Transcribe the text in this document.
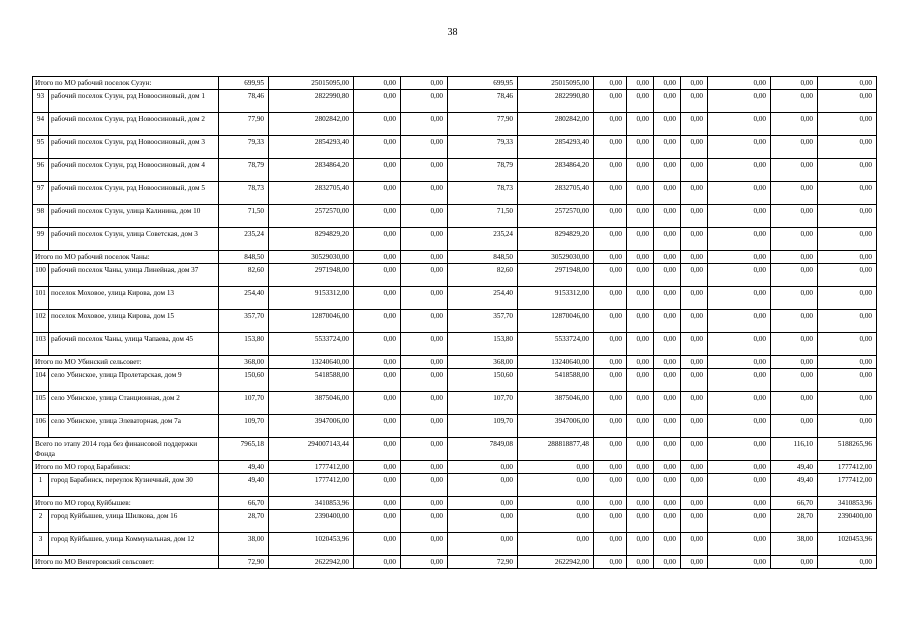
38
Итого по МО рабочий поселок Сузун:		699,95	25015095,00	0,00	0,00	699,95	25015095,00	0,00	0,00	0,00	0,00	0,00	0,00	0,00
93	рабочий поселок Сузун, рзд Новоосиновый, дом 1	78,46	2822990,80	0,00	0,00	78,46	2822990,80	0,00	0,00	0,00	0,00	0,00	0,00	0,00
94	рабочий поселок Сузун, рзд Новоосиновый, дом 2	77,90	2802842,00	0,00	0,00	77,90	2802842,00	0,00	0,00	0,00	0,00	0,00	0,00	0,00
95	рабочий поселок Сузун, рзд Новоосиновый, дом 3	79,33	2854293,40	0,00	0,00	79,33	2854293,40	0,00	0,00	0,00	0,00	0,00	0,00	0,00
96	рабочий поселок Сузун, рзд Новоосиновый, дом 4	78,79	2834864,20	0,00	0,00	78,79	2834864,20	0,00	0,00	0,00	0,00	0,00	0,00	0,00
97	рабочий поселок Сузун, рзд Новоосиновый, дом 5	78,73	2832705,40	0,00	0,00	78,73	2832705,40	0,00	0,00	0,00	0,00	0,00	0,00	0,00
98	рабочий поселок Сузун, улица Калинина, дом 10	71,50	2572570,00	0,00	0,00	71,50	2572570,00	0,00	0,00	0,00	0,00	0,00	0,00	0,00
99	рабочий поселок Сузун, улица Советская, дом 3	235,24	8294829,20	0,00	0,00	235,24	8294829,20	0,00	0,00	0,00	0,00	0,00	0,00	0,00
Итого по МО рабочий поселок Чаны:		848,50	30529030,00	0,00	0,00	848,50	30529030,00	0,00	0,00	0,00	0,00	0,00	0,00	0,00
100	рабочий поселок Чаны, улица Линейная, дом 37	82,60	2971948,00	0,00	0,00	82,60	2971948,00	0,00	0,00	0,00	0,00	0,00	0,00	0,00
101	поселок Моховое, улица Кирова, дом 13	254,40	9153312,00	0,00	0,00	254,40	9153312,00	0,00	0,00	0,00	0,00	0,00	0,00	0,00
102	поселок Моховое, улица Кирова, дом 15	357,70	12870046,00	0,00	0,00	357,70	12870046,00	0,00	0,00	0,00	0,00	0,00	0,00	0,00
103	рабочий поселок Чаны, улица Чапаева, дом 45	153,80	5533724,00	0,00	0,00	153,80	5533724,00	0,00	0,00	0,00	0,00	0,00	0,00	0,00
Итого по МО Убинский сельсовет:		368,00	13240640,00	0,00	0,00	368,00	13240640,00	0,00	0,00	0,00	0,00	0,00	0,00	0,00
104	село Убинское, улица Пролетарская, дом 9	150,60	5418588,00	0,00	0,00	150,60	5418588,00	0,00	0,00	0,00	0,00	0,00	0,00	0,00
105	село Убинское, улица Станционная, дом 2	107,70	3875046,00	0,00	0,00	107,70	3875046,00	0,00	0,00	0,00	0,00	0,00	0,00	0,00
106	село Убинское, улица Элеваторная, дом 7а	109,70	3947006,00	0,00	0,00	109,70	3947006,00	0,00	0,00	0,00	0,00	0,00	0,00	0,00
Всего по этапу 2014 года без финансовой поддержки Фонда		7965,18	294007143,44	0,00	0,00	7849,08	288818877,48	0,00	0,00	0,00	0,00	0,00	116,10	5188265,96
Итого по МО город Барабинск:		49,40	1777412,00	0,00	0,00	0,00	0,00	0,00	0,00	0,00	0,00	0,00	49,40	1777412,00
1	город Барабинск, переулок Кузнечный, дом 30	49,40	1777412,00	0,00	0,00	0,00	0,00	0,00	0,00	0,00	0,00	0,00	49,40	1777412,00
Итого по МО город Куйбышев:		66,70	3410853,96	0,00	0,00	0,00	0,00	0,00	0,00	0,00	0,00	0,00	66,70	3410853,96
2	город Куйбышев, улица Шилкова, дом 16	28,70	2390400,00	0,00	0,00	0,00	0,00	0,00	0,00	0,00	0,00	0,00	28,70	2390400,00
3	город Куйбышев, улица Коммунальная, дом 12	38,00	1020453,96	0,00	0,00	0,00	0,00	0,00	0,00	0,00	0,00	0,00	38,00	1020453,96
Итого по МО Венгеровский сельсовет:		72,90	2622942,00	0,00	0,00	72,90	2622942,00	0,00	0,00	0,00	0,00	0,00	0,00	0,00
